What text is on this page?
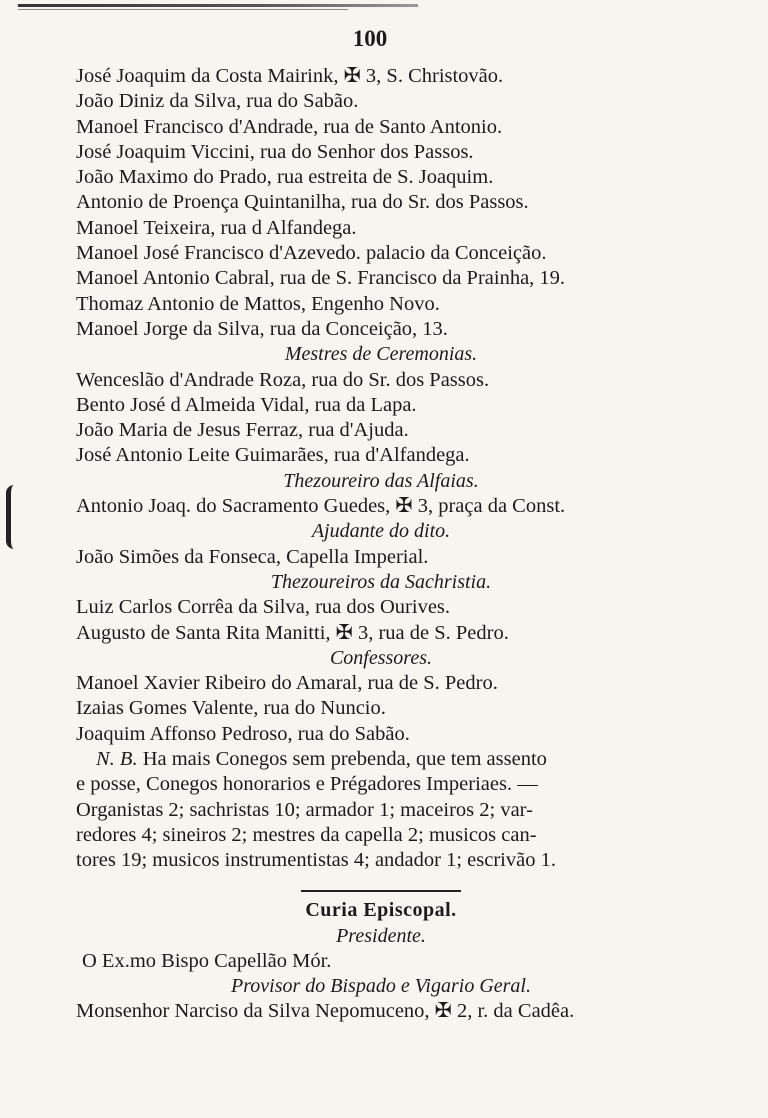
100
José Joaquim da Costa Mairink, ✠ 3, S. Christovão.
João Diniz da Silva, rua do Sabão.
Manoel Francisco d'Andrade, rua de Santo Antonio.
José Joaquim Viccini, rua do Senhor dos Passos.
João Maximo do Prado, rua estreita de S. Joaquim.
Antonio de Proença Quintanilha, rua do Sr. dos Passos.
Manoel Teixeira, rua d Alfandega.
Manoel José Francisco d'Azevedo. palacio da Conceição.
Manoel Antonio Cabral, rua de S. Francisco da Prainha, 19.
Thomaz Antonio de Mattos, Engenho Novo.
Manoel Jorge da Silva, rua da Conceição, 13.
Mestres de Ceremonias.
Wenceslão d'Andrade Roza, rua do Sr. dos Passos.
Bento José d Almeida Vidal, rua da Lapa.
João Maria de Jesus Ferraz, rua d'Ajuda.
José Antonio Leite Guimarães, rua d'Alfandega.
Thezoureiro das Alfaias.
Antonio Joaq. do Sacramento Guedes, ✠ 3, praça da Const.
Ajudante do dito.
João Simões da Fonseca, Capella Imperial.
Thezoureiros da Sachristia.
Luiz Carlos Corrêa da Silva, rua dos Ourives.
Augusto de Santa Rita Manitti, ✠ 3, rua de S. Pedro.
Confessores.
Manoel Xavier Ribeiro do Amaral, rua de S. Pedro.
Izaias Gomes Valente, rua do Nuncio.
Joaquim Affonso Pedroso, rua do Sabão.
N. B. Ha mais Conegos sem prebenda, que tem assento
e posse, Conegos honorarios e Prégadores Imperiaes. —
Organistas 2; sachristas 10; armador 1; maceiros 2; var-
redores 4; sineiros 2; mestres da capella 2; musicos can-
tores 19; musicos instrumentistas 4; andador 1; escrivão 1.
Curia Episcopal.
Presidente.
O Ex.mo Bispo Capellão Mór.
Provisor do Bispado e Vigario Geral.
Monsenhor Narciso da Silva Nepomuceno, ✠ 2, r. da Cadêa.
